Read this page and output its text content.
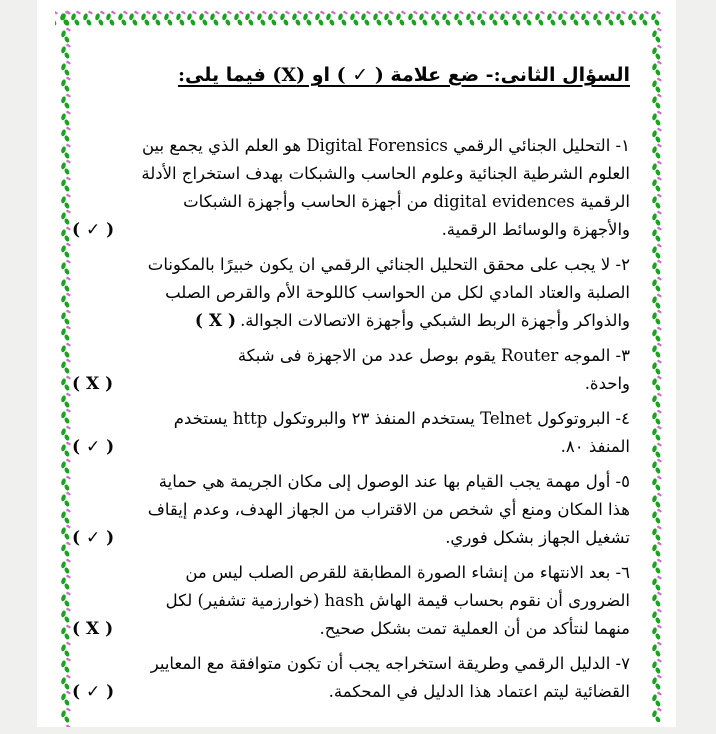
السؤال الثانى:- ضع علامة ( ✓ ) او (X) فيما يلى:
١- التحليل الجنائي الرقمي Digital Forensics هو العلم الذي يجمع بين
العلوم الشرطية الجنائية وعلوم الحاسب والشبكات بهدف استخراج الأدلة
الرقمية digital evidences من أجهزة الحاسب وأجهزة الشبكات
والأجهزة والوسائط الرقمية.
( ✓ )
٢- لا يجب على محقق التحليل الجنائي الرقمي ان يكون خبيرًا بالمكونات
الصلبة والعتاد المادي لكل من الحواسب كاللوحة الأم والقرص الصلب
والذواكر وأجهزة الربط الشبكي وأجهزة الاتصالات الجوالة.( X )
٣- الموجه Router يقوم بوصل عدد من الاجهزة فى شبكة
واحدة.
( X )
٤- البروتوكول Telnet يستخدم المنفذ ٢٣ والبروتكول http يستخدم
المنفذ ٨٠.
( ✓ )
٥- أول مهمة يجب القيام بها عند الوصول إلى مكان الجريمة هي حماية
هذا المكان ومنع أي شخص من الاقتراب من الجهاز الهدف، وعدم إيقاف
تشغيل الجهاز بشكل فوري.
( ✓ )
٦- بعد الانتهاء من إنشاء الصورة المطابقة للقرص الصلب ليس من
الضرورى أن نقوم بحساب قيمة الهاش hash (خوارزمية تشفير) لكل
منهما لنتأكد من أن العملية تمت بشكل صحيح.
( X )
٧- الدليل الرقمي وطريقة استخراجه يجب أن تكون متوافقة مع المعايير
القضائية ليتم اعتماد هذا الدليل في المحكمة.
( ✓ )
